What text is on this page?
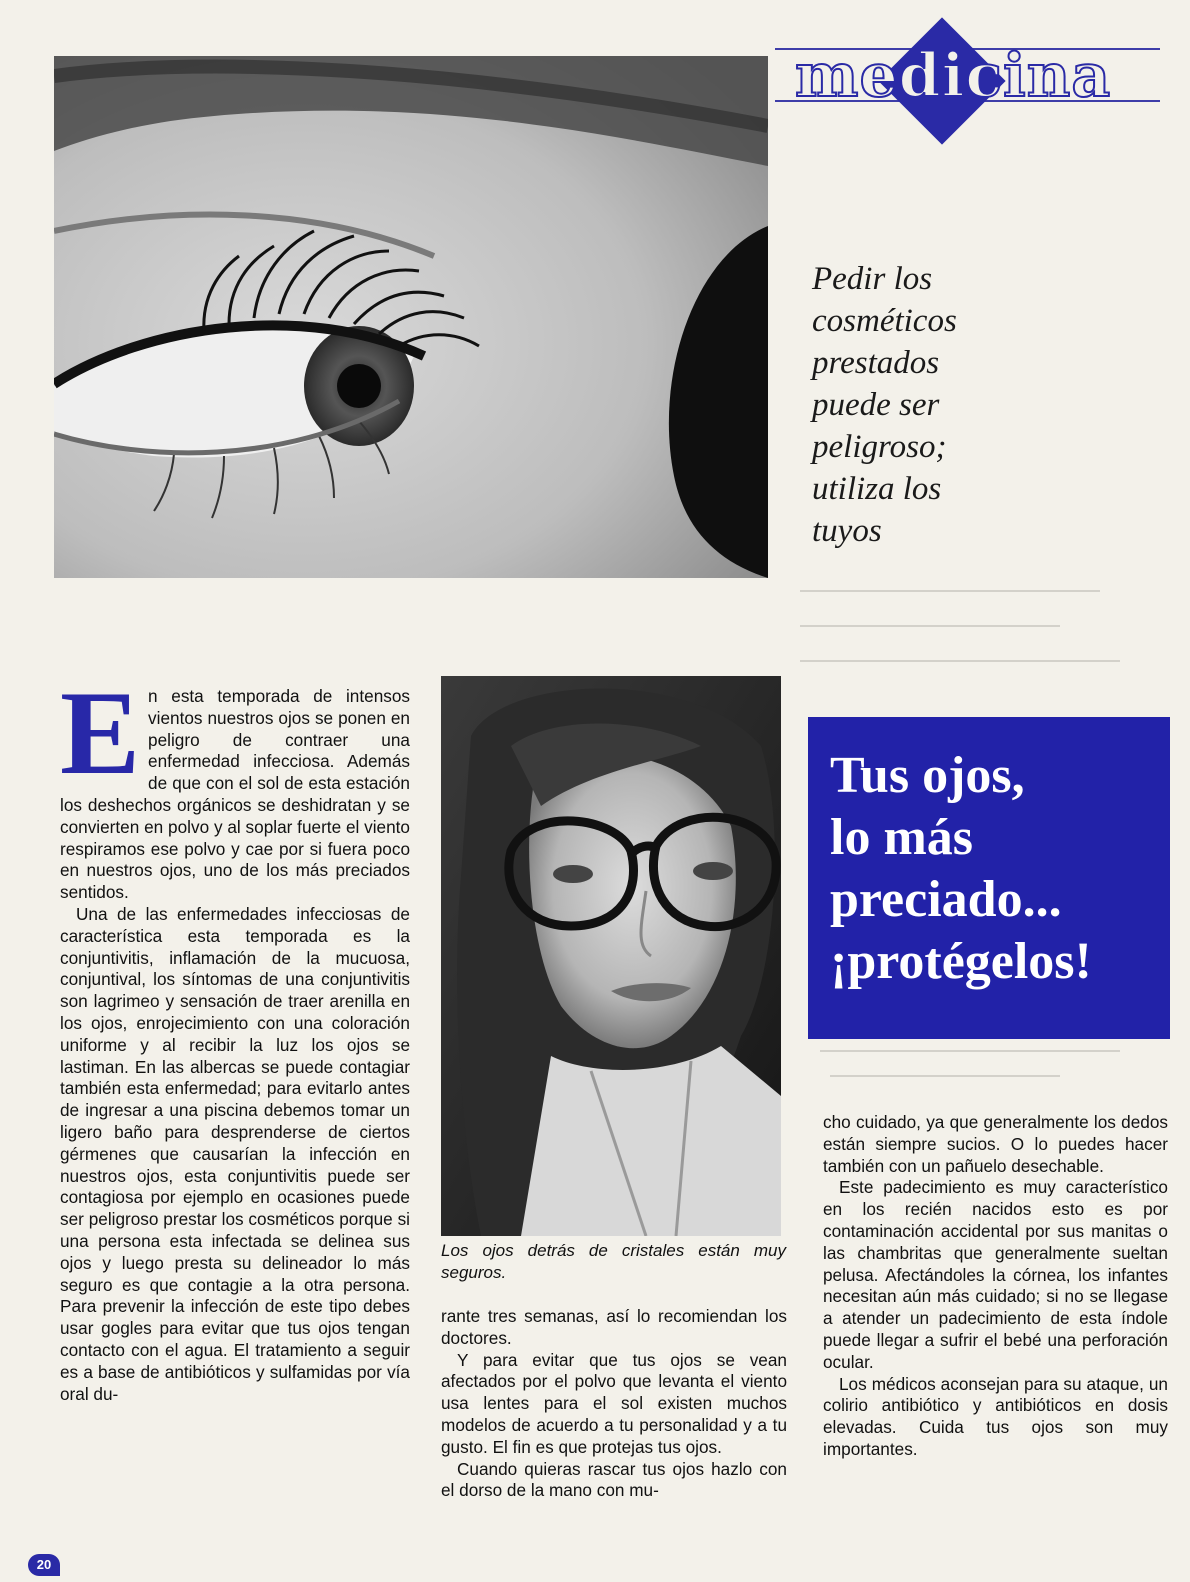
medicina
Pedir los
cosméticos
prestados
puede ser
peligroso;
utiliza los
tuyos
Tus ojos,
lo más
preciado...
¡protégelos!
Los ojos detrás de cristales están muy seguros.

En esta temporada de intensos vientos nuestros ojos se ponen en peligro de contraer una enfermedad infecciosa. Además de que con el sol de esta estación los deshechos orgánicos se deshidratan y se convierten en polvo y al soplar fuerte el viento respiramos ese polvo y cae por si fuera poco en nuestros ojos, uno de los más preciados sentidos.

Una de las enfermedades infecciosas de característica esta temporada es la conjuntivitis, inflamación de la mucuosa, conjuntival, los síntomas de una conjuntivitis son lagrimeo y sensación de traer arenilla en los ojos, enrojecimiento con una coloración uniforme y al recibir la luz los ojos se lastiman. En las albercas se puede contagiar también esta enfermedad; para evitarlo antes de ingresar a una piscina debemos tomar un ligero baño para desprenderse de ciertos gérmenes que causarían la infección en nuestros ojos, esta conjuntivitis puede ser contagiosa por ejemplo en ocasiones puede ser peligroso prestar los cosméticos porque si una persona esta infectada se delinea sus ojos y luego presta su delineador lo más seguro es que contagie a la otra persona. Para prevenir la infección de este tipo debes usar gogles para evitar que tus ojos tengan contacto con el agua. El tratamiento a seguir es a base de antibióticos y sulfamidas por vía oral du-

rante tres semanas, así lo recomiendan los doctores.

Y para evitar que tus ojos se vean afectados por el polvo que levanta el viento usa lentes para el sol existen muchos modelos de acuerdo a tu personalidad y a tu gusto. El fin es que protejas tus ojos.

Cuando quieras rascar tus ojos hazlo con el dorso de la mano con mu-

cho cuidado, ya que generalmente los dedos están siempre sucios. O lo puedes hacer también con un pañuelo desechable.

Este padecimiento es muy característico en los recién nacidos esto es por contaminación accidental por sus manitas o las chambritas que generalmente sueltan pelusa. Afectándoles la córnea, los infantes necesitan aún más cuidado; si no se llegase a atender un padecimiento de esta índole puede llegar a sufrir el bebé una perforación ocular.

Los médicos aconsejan para su ataque, un colirio antibiótico y antibióticos en dosis elevadas. Cuida tus ojos son muy importantes.

20
